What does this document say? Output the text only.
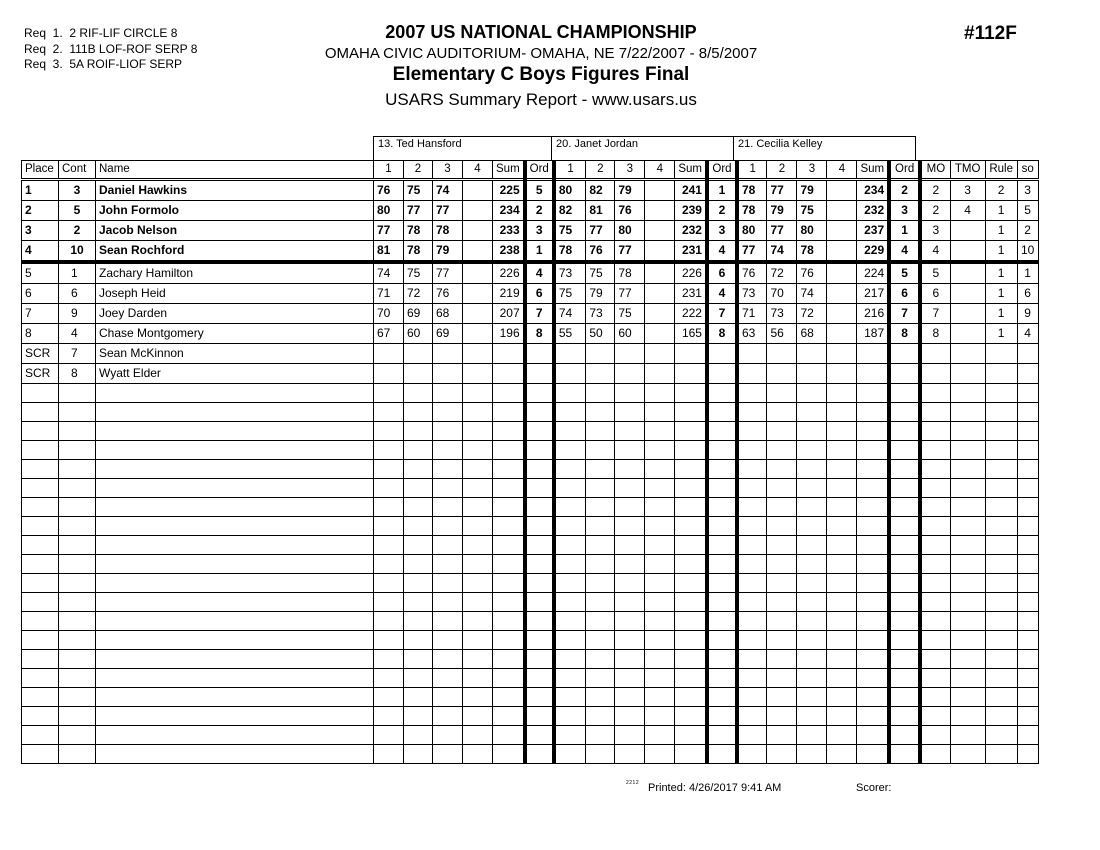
Req  1.  2 RIF-LIF CIRCLE 8
Req  2.  111B LOF-ROF SERP 8
Req  3.  5A ROIF-LIOF SERP
2007 US NATIONAL CHAMPIONSHIP
OMAHA CIVIC AUDITORIUM- OMAHA, NE 7/22/2007 - 8/5/2007
Elementary C Boys Figures Final
USARS Summary Report - www.usars.us
#112F
13. Ted Hansford	20. Janet Jordan	21. Cecilia Kelley
Place	Cont	Name	1	2	3	4	Sum	Ord	1	2	3	4	Sum	Ord	1	2	3	4	Sum	Ord	MO	TMO	Rule	so
1	3	Daniel Hawkins	76	75	74		225	5	80	82	79		241	1	78	77	79		234	2	2	3	2	3
2	5	John Formolo	80	77	77		234	2	82	81	76		239	2	78	79	75		232	3	2	4	1	5
3	2	Jacob Nelson	77	78	78		233	3	75	77	80		232	3	80	77	80		237	1	3		1	2
4	10	Sean Rochford	81	78	79		238	1	78	76	77		231	4	77	74	78		229	4	4		1	10
5	1	Zachary Hamilton	74	75	77		226	4	73	75	78		226	6	76	72	76		224	5	5		1	1
6	6	Joseph Heid	71	72	76		219	6	75	79	77		231	4	73	70	74		217	6	6		1	6
7	9	Joey Darden	70	69	68		207	7	74	73	75		222	7	71	73	72		216	7	7		1	9
8	4	Chase Montgomery	67	60	69		196	8	55	50	60		165	8	63	56	68		187	8	8		1	4
SCR	7	Sean McKinnon																						
SCR	8	Wyatt Elder																						

2212 Printed: 4/26/2017 9:41 AM	Scorer:
